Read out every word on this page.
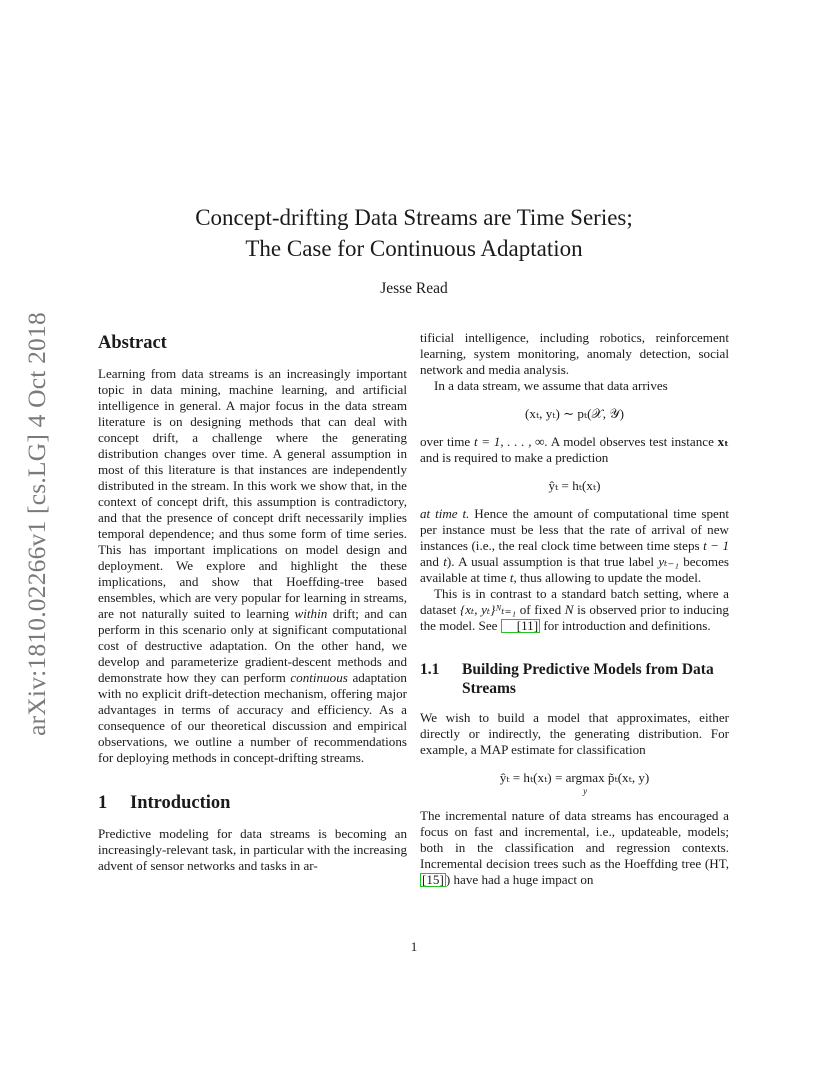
arXiv:1810.02266v1 [cs.LG] 4 Oct 2018
Concept-drifting Data Streams are Time Series;
The Case for Continuous Adaptation
Jesse Read
Abstract

Learning from data streams is an increasingly important topic in data mining, machine learning, and artificial intelligence in general. A major focus in the data stream literature is on designing methods that can deal with concept drift, a challenge where the generating distribution changes over time. A general assumption in most of this literature is that instances are independently distributed in the stream. In this work we show that, in the context of concept drift, this assumption is contradictory, and that the presence of concept drift necessarily implies temporal dependence; and thus some form of time series. This has important implications on model design and deployment. We explore and highlight the these implications, and show that Hoeffding-tree based ensembles, which are very popular for learning in streams, are not naturally suited to learning within drift; and can perform in this scenario only at significant computational cost of destructive adaptation. On the other hand, we develop and parameterize gradient-descent methods and demonstrate how they can perform continuous adaptation with no explicit drift-detection mechanism, offering major advantages in terms of accuracy and efficiency. As a consequence of our theoretical discussion and empirical observations, we outline a number of recommendations for deploying methods in concept-drifting streams.

1 Introduction

Predictive modeling for data streams is becoming an increasingly-relevant task, in particular with the increasing advent of sensor networks and tasks in ar-

tificial intelligence, including robotics, reinforcement learning, system monitoring, anomaly detection, social network and media analysis.

In a data stream, we assume that data arrives

(xₜ, yₜ) ∼ pₜ(𝒳, 𝒴)

over time t = 1, . . . , ∞. A model observes test instance xₜ and is required to make a prediction

ŷₜ = hₜ(xₜ)

at time t. Hence the amount of computational time spent per instance must be less that the rate of arrival of new instances (i.e., the real clock time between time steps t − 1 and t). A usual assumption is that true label yₜ₋₁ becomes available at time t, thus allowing to update the model.

This is in contrast to a standard batch setting, where a dataset {xₜ, yₜ}ᴺₜ₌₁ of fixed N is observed prior to inducing the model. See [11] for introduction and definitions.

1.1	Building Predictive Models from Data Streams

We wish to build a model that approximates, either directly or indirectly, the generating distribution. For example, a MAP estimate for classification

ŷₜ = hₜ(xₜ) = argmax
y
p̃ₜ(xₜ, y)

The incremental nature of data streams has encouraged a focus on fast and incremental, i.e., updateable, models; both in the classification and regression contexts. Incremental decision trees such as the Hoeffding tree (HT, [15] ) have had a huge impact on

1
